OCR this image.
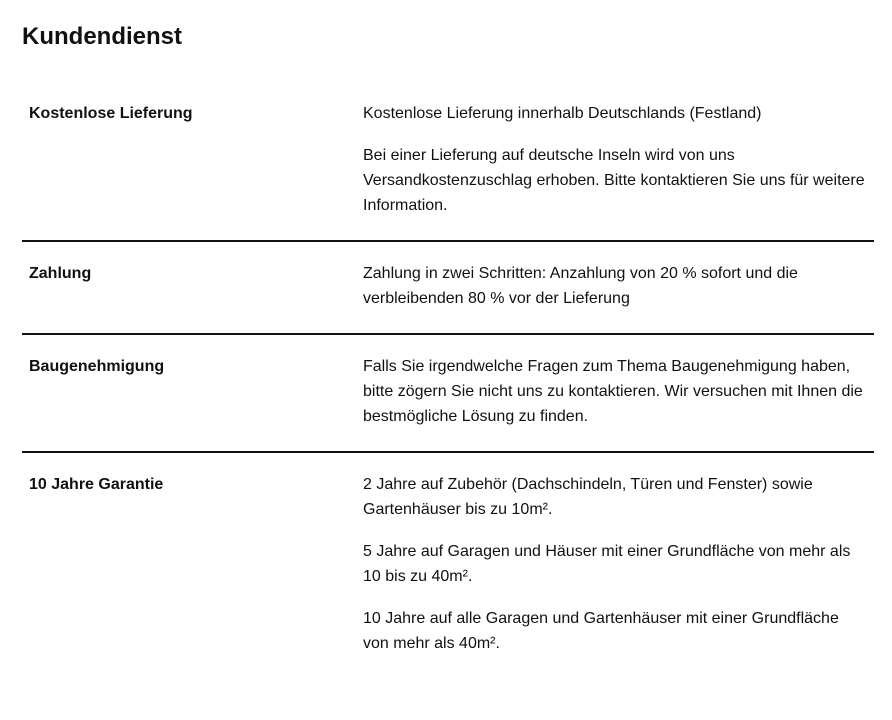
Kundendienst
Kostenlose Lieferung	Kostenlose Lieferung innerhalb Deutschlands (Festland)

Bei einer Lieferung auf deutsche Inseln wird von uns Versandkostenzuschlag erhoben. Bitte kontaktieren Sie uns für weitere Information.

Zahlung	Zahlung in zwei Schritten: Anzahlung von 20 % sofort und die verbleibenden 80 % vor der Lieferung

Baugenehmigung	Falls Sie irgendwelche Fragen zum Thema Baugenehmigung haben, bitte zögern Sie nicht uns zu kontaktieren. Wir versuchen mit Ihnen die bestmögliche Lösung zu finden.

10 Jahre Garantie	2 Jahre auf Zubehör (Dachschindeln, Türen und Fenster) sowie Gartenhäuser bis zu 10m².

5 Jahre auf Garagen und Häuser mit einer Grundfläche von mehr als 10 bis zu 40m².

10 Jahre auf alle Garagen und Gartenhäuser mit einer Grundfläche von mehr als 40m².
